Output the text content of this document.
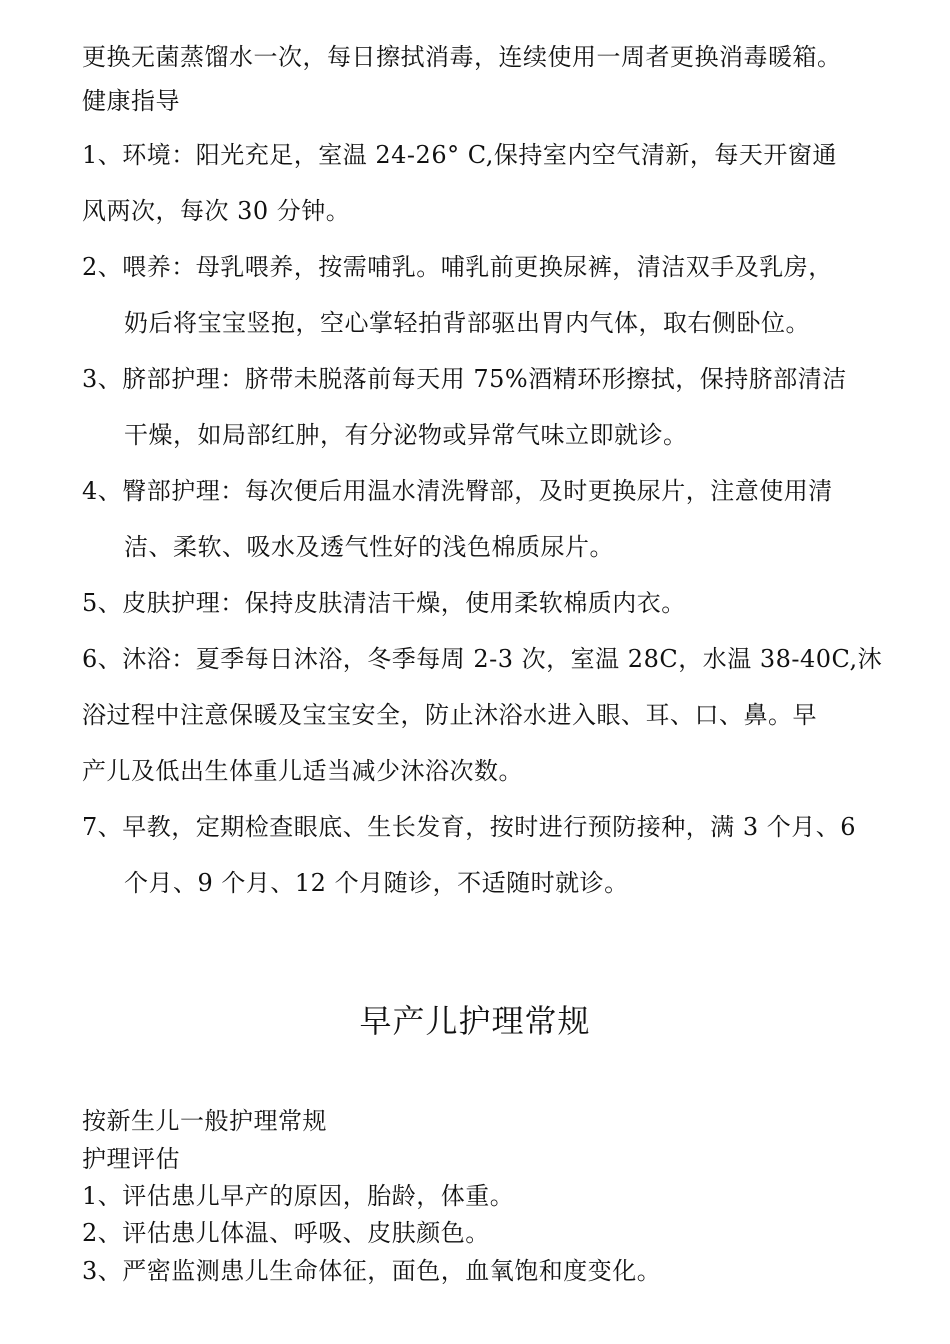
更换无菌蒸馏水一次，每日擦拭消毒，连续使用一周者更换消毒暖箱。
健康指导
1、环境：阳光充足，室温 24-26° C,保持室内空气清新，每天开窗通
风两次，每次 30 分钟。
2、喂养：母乳喂养，按需哺乳。哺乳前更换尿裤，清洁双手及乳房，
奶后将宝宝竖抱，空心掌轻拍背部驱出胃内气体，取右侧卧位。
3、脐部护理：脐带未脱落前每天用 75%酒精环形擦拭，保持脐部清洁
干燥，如局部红肿，有分泌物或异常气味立即就诊。
4、臀部护理：每次便后用温水清洗臀部，及时更换尿片，注意使用清
洁、柔软、吸水及透气性好的浅色棉质尿片。
5、皮肤护理：保持皮肤清洁干燥，使用柔软棉质内衣。
6、沐浴：夏季每日沐浴，冬季每周 2-3 次，室温 28C，水温 38-40C,沐
浴过程中注意保暖及宝宝安全，防止沐浴水进入眼、耳、口、鼻。早
产儿及低出生体重儿适当减少沐浴次数。
7、早教，定期检查眼底、生长发育，按时进行预防接种，满 3 个月、6
个月、9 个月、12 个月随诊，不适随时就诊。
早产儿护理常规
按新生儿一般护理常规
护理评估
1、评估患儿早产的原因，胎龄，体重。
2、评估患儿体温、呼吸、皮肤颜色。
3、严密监测患儿生命体征，面色，血氧饱和度变化。
